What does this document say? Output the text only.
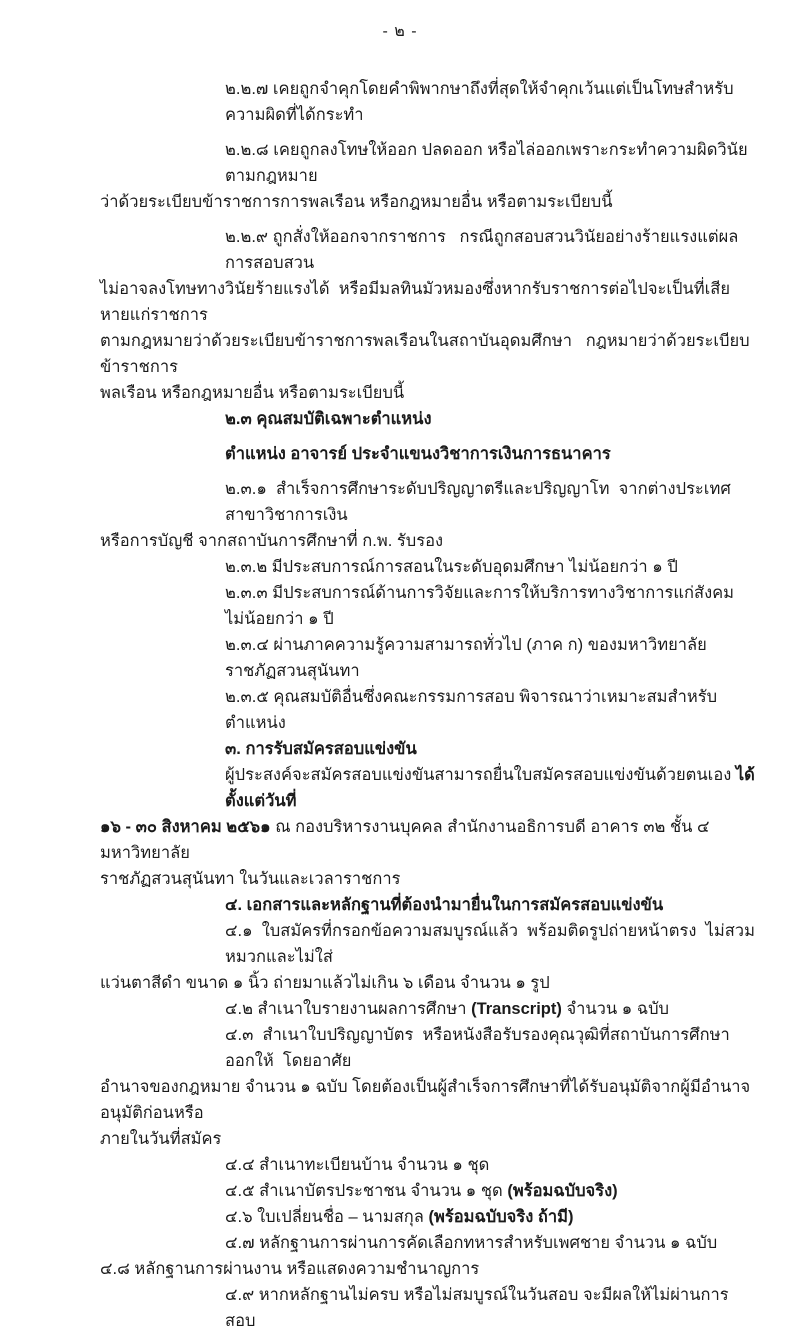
- ๒ -
๒.๒.๗ เคยถูกจำคุกโดยคำพิพากษาถึงที่สุดให้จำคุกเว้นแต่เป็นโทษสำหรับความผิดที่ได้กระทำ
๒.๒.๘ เคยถูกลงโทษให้ออก ปลดออก หรือไล่ออกเพราะกระทำความผิดวินัย ตามกฎหมาย
ว่าด้วยระเบียบข้าราชการการพลเรือน หรือกฎหมายอื่น หรือตามระเบียบนี้
๒.๒.๙ ถูกสั่งให้ออกจากราชการ   กรณีถูกสอบสวนวินัยอย่างร้ายแรงแต่ผลการสอบสวน
ไม่อาจลงโทษทางวินัยร้ายแรงได้  หรือมีมลทินมัวหมองซึ่งหากรับราชการต่อไปจะเป็นที่เสียหายแก่ราชการ
ตามกฎหมายว่าด้วยระเบียบข้าราชการพลเรือนในสถาบันอุดมศึกษา   กฎหมายว่าด้วยระเบียบข้าราชการ
พลเรือน หรือกฎหมายอื่น หรือตามระเบียบนี้
๒.๓ คุณสมบัติเฉพาะตำแหน่ง
ตำแหน่ง อาจารย์ ประจำแขนงวิชาการเงินการธนาคาร
๒.๓.๑  สำเร็จการศึกษาระดับปริญญาตรีและปริญญาโท  จากต่างประเทศ  สาขาวิชาการเงิน
หรือการบัญชี จากสถาบันการศึกษาที่ ก.พ. รับรอง
๒.๓.๒ มีประสบการณ์การสอนในระดับอุดมศึกษา ไม่น้อยกว่า ๑ ปี
๒.๓.๓ มีประสบการณ์ด้านการวิจัยและการให้บริการทางวิชาการแก่สังคม ไม่น้อยกว่า ๑ ปี
๒.๓.๔ ผ่านภาคความรู้ความสามารถทั่วไป (ภาค ก) ของมหาวิทยาลัยราชภัฏสวนสุนันทา
๒.๓.๕ คุณสมบัติอื่นซึ่งคณะกรรมการสอบ พิจารณาว่าเหมาะสมสำหรับตำแหน่ง
๓. การรับสมัครสอบแข่งขัน
ผู้ประสงค์จะสมัครสอบแข่งขันสามารถยื่นใบสมัครสอบแข่งขันด้วยตนเอง ได้ตั้งแต่วันที่
๑๖ - ๓๐ สิงหาคม ๒๕๖๑ ณ กองบริหารงานบุคคล สำนักงานอธิการบดี อาคาร ๓๒ ชั้น ๔ มหาวิทยาลัย
ราชภัฏสวนสุนันทา ในวันและเวลาราชการ
๔. เอกสารและหลักฐานที่ต้องนำมายื่นในการสมัครสอบแข่งขัน
๔.๑  ใบสมัครที่กรอกข้อความสมบูรณ์แล้ว  พร้อมติดรูปถ่ายหน้าตรง  ไม่สวมหมวกและไม่ใส่
แว่นตาสีดำ ขนาด ๑ นิ้ว ถ่ายมาแล้วไม่เกิน ๖ เดือน จำนวน ๑ รูป
๔.๒ สำเนาใบรายงานผลการศึกษา (Transcript) จำนวน ๑ ฉบับ
๔.๓  สำเนาใบปริญญาบัตร  หรือหนังสือรับรองคุณวุฒิที่สถาบันการศึกษาออกให้  โดยอาศัย
อำนาจของกฎหมาย จำนวน ๑ ฉบับ โดยต้องเป็นผู้สำเร็จการศึกษาที่ได้รับอนุมัติจากผู้มีอำนาจอนุมัติก่อนหรือ
ภายในวันที่สมัคร
๔.๔ สำเนาทะเบียนบ้าน จำนวน ๑ ชุด
๔.๕ สำเนาบัตรประชาชน จำนวน ๑ ชุด (พร้อมฉบับจริง)
๔.๖ ใบเปลี่ยนชื่อ – นามสกุล (พร้อมฉบับจริง ถ้ามี)
๔.๗ หลักฐานการผ่านการคัดเลือกทหารสำหรับเพศชาย จำนวน ๑ ฉบับ
๔.๘ หลักฐานการผ่านงาน หรือแสดงความชำนาญการ
๔.๙ หากหลักฐานไม่ครบ หรือไม่สมบูรณ์ในวันสอบ จะมีผลให้ไม่ผ่านการสอบ
